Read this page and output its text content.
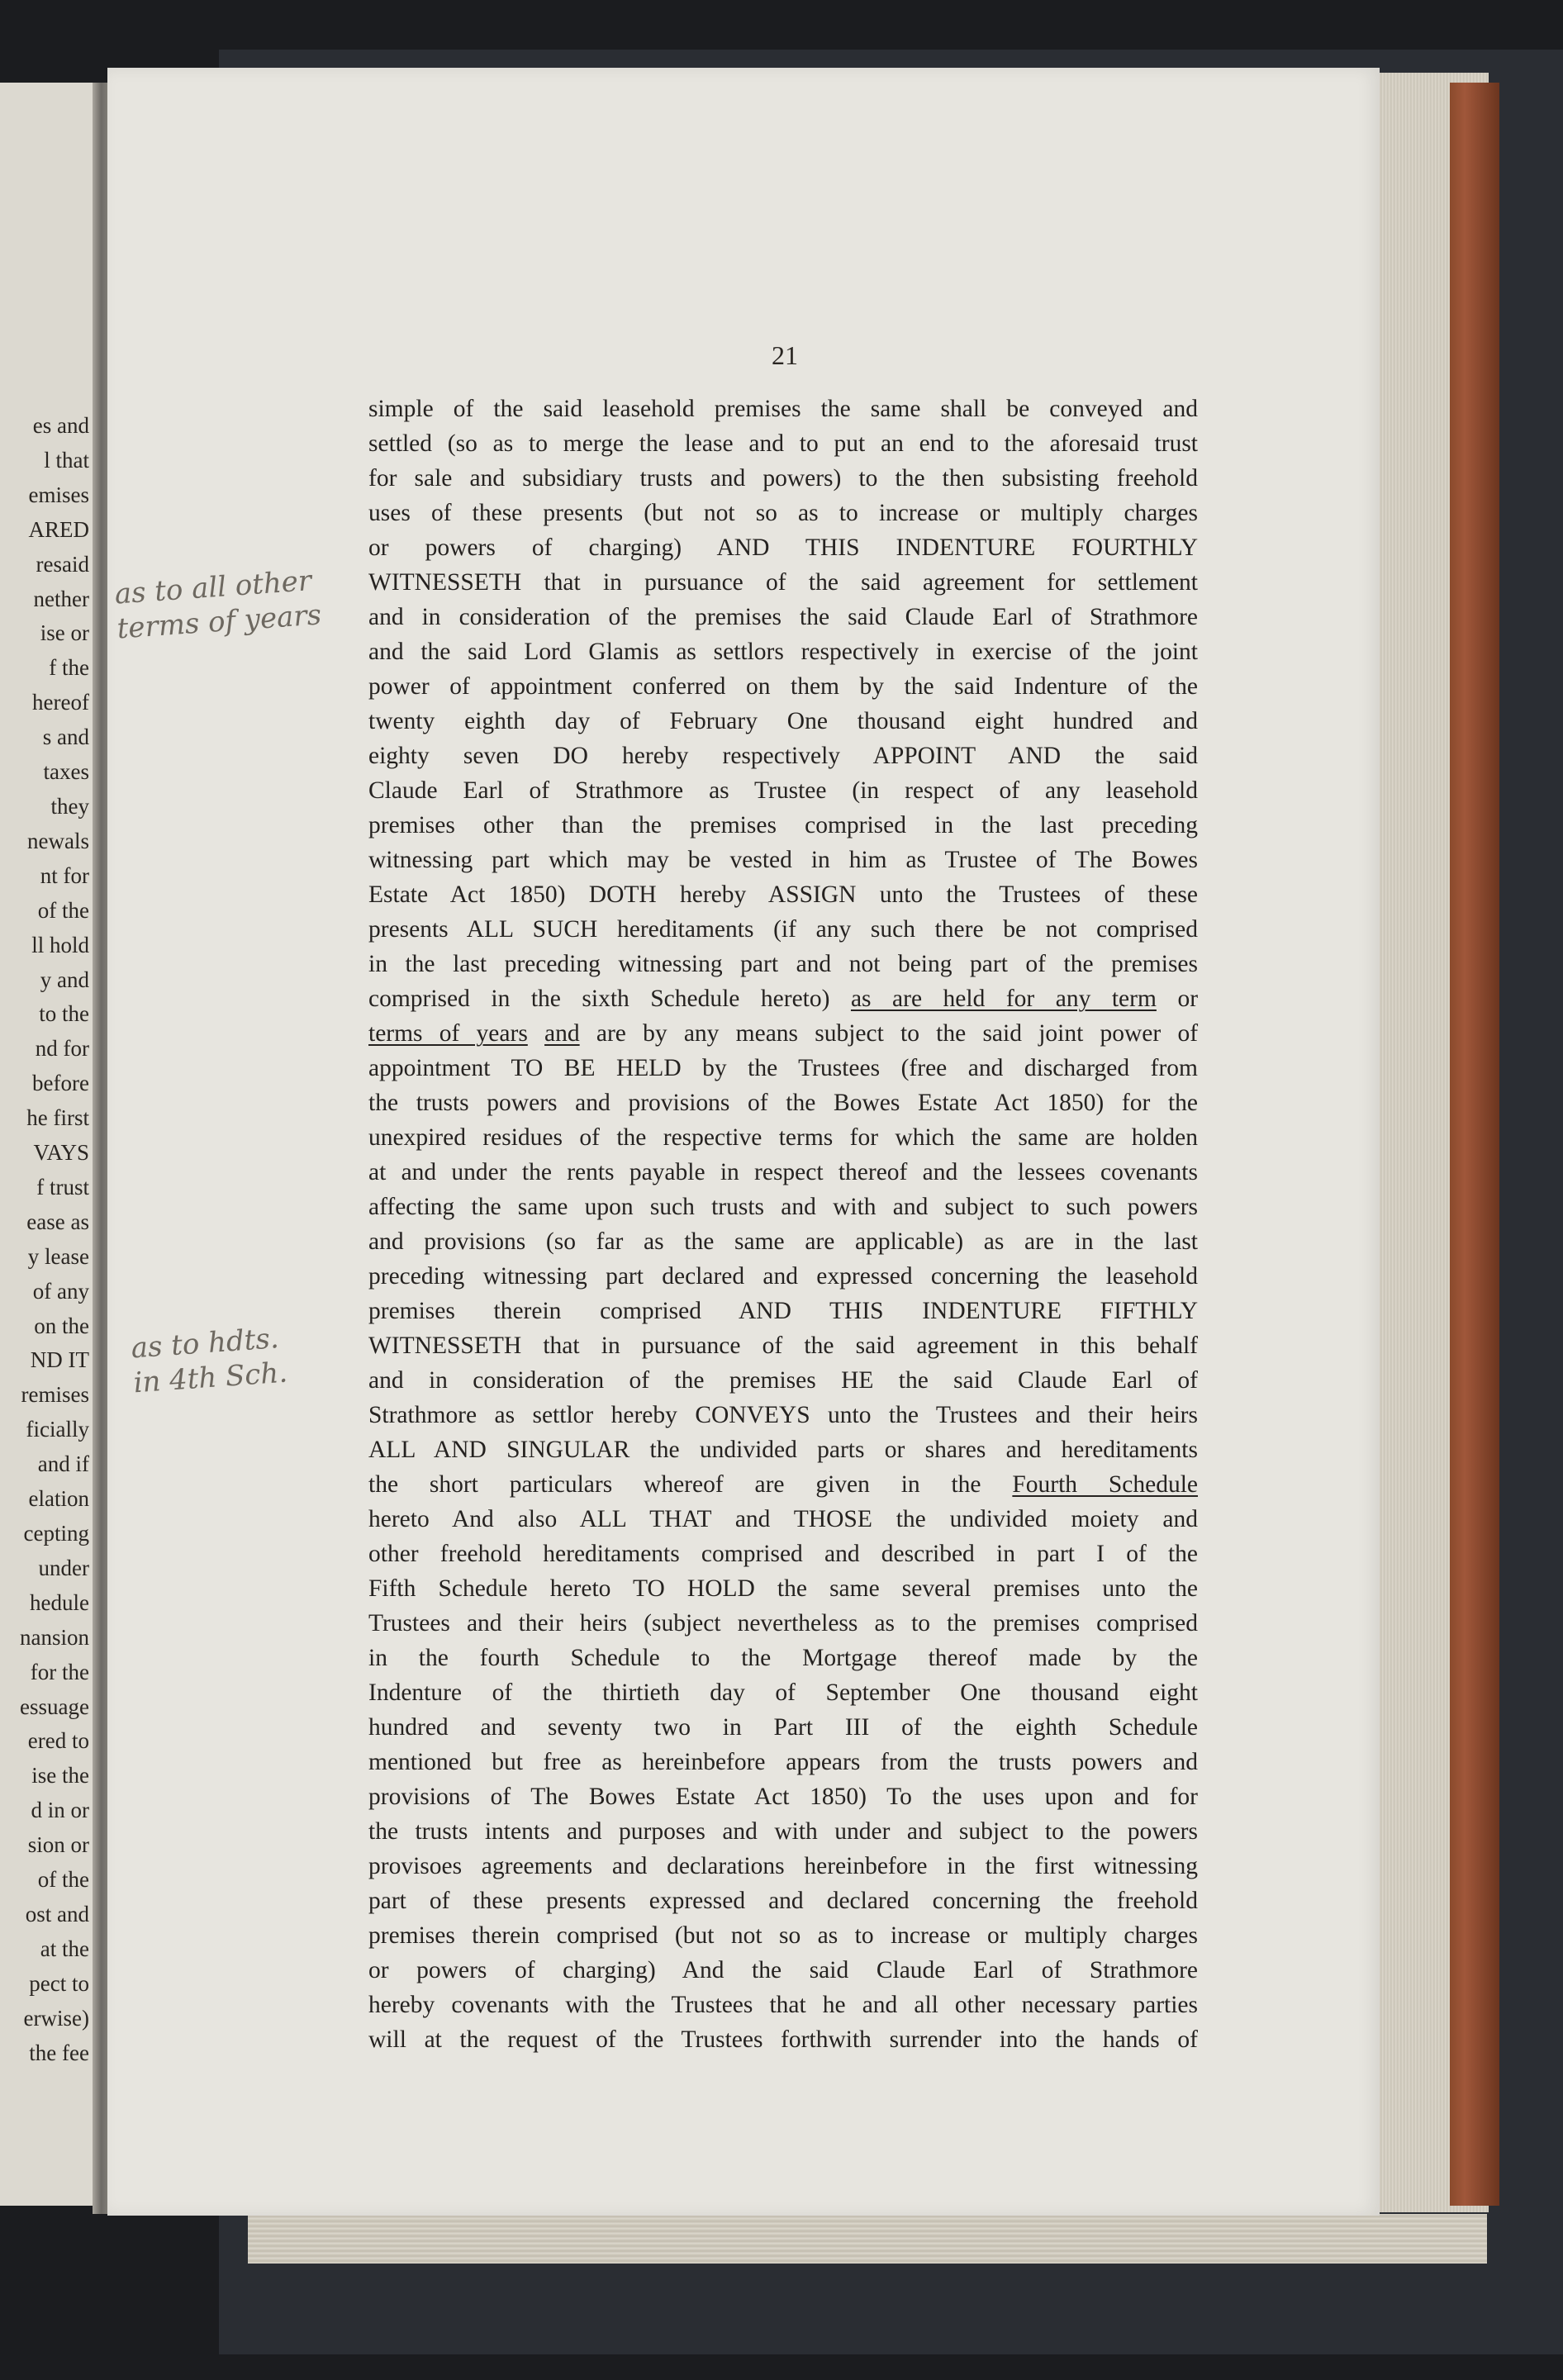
es and
l that
emises
ARED
resaid
nether
ise or
f the
hereof
s and
taxes
they
newals
nt for
of the
ll hold
y and
to the
nd for
before
he first
VAYS
f trust
ease as
y lease
of any
on the
ND IT
remises
ficially
and if
elation
cepting
under
hedule
nansion
for the
essuage
ered to
ise the
d in or
sion or
of the
ost and
at the
pect to
erwise)
the fee
21
as to all other
terms of years
as to hdts.
in 4th Sch.
simple of the said leasehold premises the same shall be conveyed and
settled (so as to merge the lease and to put an end to the aforesaid trust
for sale and subsidiary trusts and powers) to the then subsisting freehold
uses of these presents (but not so as to increase or multiply charges
or powers of charging) AND THIS INDENTURE FOURTHLY
WITNESSETH that in pursuance of the said agreement for settlement
and in consideration of the premises the said Claude Earl of Strathmore
and the said Lord Glamis as settlors respectively in exercise of the joint
power of appointment conferred on them by the said Indenture of the
twenty eighth day of February One thousand eight hundred and
eighty seven DO hereby respectively APPOINT AND the said
Claude Earl of Strathmore as Trustee (in respect of any leasehold
premises other than the premises comprised in the last preceding
witnessing part which may be vested in him as Trustee of The Bowes
Estate Act 1850) DOTH hereby ASSIGN unto the Trustees of these
presents ALL SUCH hereditaments (if any such there be not comprised
in the last preceding witnessing part and not being part of the premises
comprised in the sixth Schedule hereto) as are held for any term or
terms of years and are by any means subject to the said joint power of
appointment TO BE HELD by the Trustees (free and discharged from
the trusts powers and provisions of the Bowes Estate Act 1850) for the
unexpired residues of the respective terms for which the same are holden
at and under the rents payable in respect thereof and the lessees covenants
affecting the same upon such trusts and with and subject to such powers
and provisions (so far as the same are applicable) as are in the last
preceding witnessing part declared and expressed concerning the leasehold
premises therein comprised AND THIS INDENTURE FIFTHLY
WITNESSETH that in pursuance of the said agreement in this behalf
and in consideration of the premises HE the said Claude Earl of
Strathmore as settlor hereby CONVEYS unto the Trustees and their heirs
ALL AND SINGULAR the undivided parts or shares and hereditaments
the short particulars whereof are given in the Fourth Schedule
hereto And also ALL THAT and THOSE the undivided moiety and
other freehold hereditaments comprised and described in part I of the
Fifth Schedule hereto TO HOLD the same several premises unto the
Trustees and their heirs (subject nevertheless as to the premises comprised
in the fourth Schedule to the Mortgage thereof made by the
Indenture of the thirtieth day of September One thousand eight
hundred and seventy two in Part III of the eighth Schedule
mentioned but free as hereinbefore appears from the trusts powers and
provisions of The Bowes Estate Act 1850) To the uses upon and for
the trusts intents and purposes and with under and subject to the powers
provisoes agreements and declarations hereinbefore in the first witnessing
part of these presents expressed and declared concerning the freehold
premises therein comprised (but not so as to increase or multiply charges
or powers of charging) And the said Claude Earl of Strathmore
hereby covenants with the Trustees that he and all other necessary parties
will at the request of the Trustees forthwith surrender into the hands of
